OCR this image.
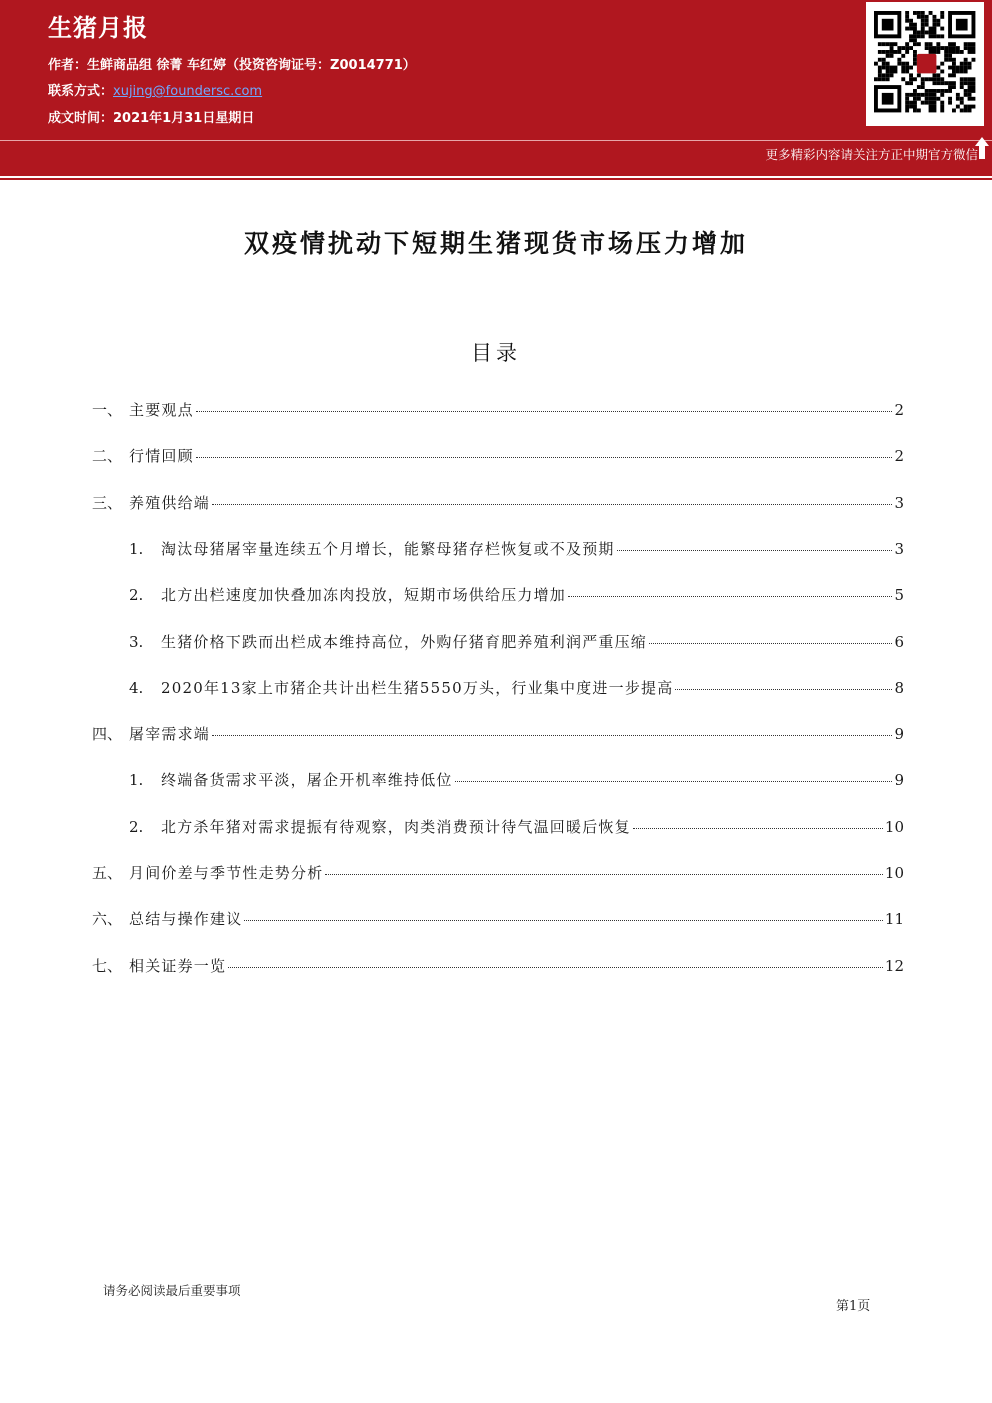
生猪月报
作者：生鲜商品组 徐菁 车红婷（投资咨询证号：Z0014771）
联系方式：xujing@foundersc.com
成文时间：2021年1月31日星期日
更多精彩内容请关注方正中期官方微信
双疫情扰动下短期生猪现货市场压力增加
目录
一、 主要观点	2
二、 行情回顾	2
三、 养殖供给端	3
1.	淘汰母猪屠宰量连续五个月增长，能繁母猪存栏恢复或不及预期	3
2.	北方出栏速度加快叠加冻肉投放，短期市场供给压力增加	5
3.	生猪价格下跌而出栏成本维持高位，外购仔猪育肥养殖利润严重压缩	6
4.	2020年13家上市猪企共计出栏生猪5550万头，行业集中度进一步提高	8
四、 屠宰需求端	9
1.	终端备货需求平淡，屠企开机率维持低位	9
2.	北方杀年猪对需求提振有待观察，肉类消费预计待气温回暖后恢复	10
五、 月间价差与季节性走势分析	10
六、 总结与操作建议	11
七、 相关证券一览	12
请务必阅读最后重要事项
第1页
